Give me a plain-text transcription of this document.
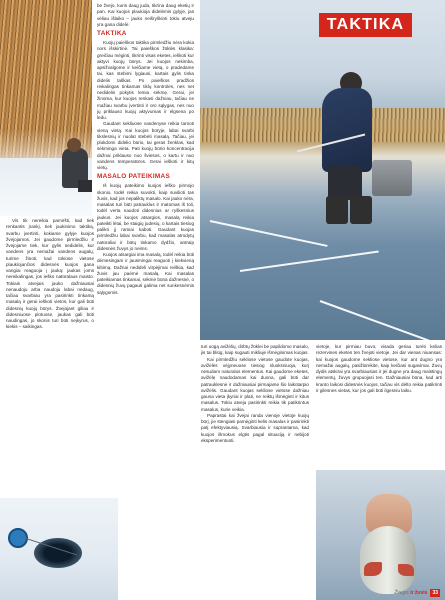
TAKTIKA

Vis tik nereikia pamiršti, kad tiek renkantis įrankį, tiek jaukinimo taktiką, svarbu įvertinti, kokiame gylyje kuojos žvejojamos. Jei gaudome pirmledžiu ir žvejojame tiek, kur gylis nedidelis, kur vandens yra nemažai vandens augalų, turime žinoti, kad tokiose vietose plaukiojančios didesnės kuojos gana vangiai reaguoja į jauką: jaukas joms nereikalingas, jos ieško natūralaus maisto. Tokiais atvejais jauko dažniausiai nenaudoju arba naudoju labai nedaug, tačiau svarbiau yra pasirinkti tinkamą masalą ir gerai ieškoti vietos, kur gali būti didesnių kuojų būrys. Žvejojant giliau ir didesniuose plotuose, jaukas gali būti naudingas, jo skonis turi būti neįkyrus, o kiekis – saikingas.

be žvejo, kuris daug juda, tikrina daug eketių ir pan. Kai kuojos plaukioja didelėmis gylyje, jas vėliau išlaiko – jauko neišryškinti tokiu atveju yra gana didelė.

TAKTIKA

Kuojų paieškos taktika pirmledžiu nėra kokia nors išskirtinė. Tai paieškos žūklės klasika: greičiau mėginti, tikrinti visas eketes, ieškoti kur aktyvi kuojų būrys. Jei kuojos nekimba, apsižvalgome ir keičiame vietą, o pradedame tai, kas stebimi lygiausi, kartais gylis tinka didelis taškas. Po paieškos pradžios reikalingas tinkamas tiklų kontrolės, nes net nedidelis pokytis lemia sėkmę. Gerai, jei žinoma, kur kuojos renkasi dažniau, tačiau ne mažiau svarbu įvertinti ir oro sąlygas, nes nuo jų priklauso kuojų aktyvumas ir elgsena po ledu.

Gaudant sekliuose vandenyse reikia tarnoti vieną vietą. Kai kuojos būryje, labai svarbi tikslesnių ir nuolat stebėti masalą. Tačiau, jei plukdomi didelio būrio, tai geras ženklas, kad sėkminga vieta. Pati kuojų būrio koncentracija dažnai priklauso nuo šviesos, o kartu ir nuo vandens temperatūros. Gerai ieškoti ir kitų vietų.

MASALO PATEIKIMAS

Iš kuojų pateikimo kuojos ieško pirmojo skonio, todėl reikia suvokti, kaip suvilioti tas žuvis, kad jos nepaliktų masalo. Kai jauko nėra, masalas turi būti patrauklus ir matomas iš toli, todėl verta naudoti didesnius ar ryškesnius jaukus. Jei kuojos atsargios, masalą reikia pateikti lėtai, be staigių judesių, o kartais tiesiog palikti jį ramiai kaboti. Gaudant kuojas pirmledžiu labai svarbu, kad masalas atrodytų natūraliai ir būtų tinkamo dydžio, antraip didesnės žuvys jo neims.

Kuojos atsargiai ima masalą, todėl reikia būti dėmesingam ir jausmingai reaguoti į kiekvieną kibimą. Dažnai nedideli virpėjimai reiškia, kad žuvis jau paėmė masalą. Kai masalas pateikiamas tinkamai, sėkmė būna dažnesnė, o didesnių žuvų pagauti galima net sunkesnėmis sąlygomis.

turi uogą avižėlių, dirbtų žūklei be papildomo masalo, jis tai bliūg, kaip sugauti mikliuje išmėginimas kuojas.

Kai pirmledžiu sekliose vietose gaudote kuojas, avižėlės vėjyneuose tiesiog sluoksniuoja, kurį nesudaro naturalus elementus. Kai gaudome eketes, avižėlę naudodamas kai duona, gali būti dar patrauklesnė ir dažniausiai pirmajame šio laikotarpio avižėlis. Gaudant kuojas sekliose vietose dažniau gauna vieta įkyriai ir plati, ne reiktų išmėginti ir kitus masalus. Tokiu atveju pasirinkti reikia tik patikrintus masalus, kurie veikia.

Paprastai kai žvejai randa vienoje vietoje kuojų būrį, jie stengiasi pamėginti kelis masalus ir pasirinkti patį efektyviausią. Svarbiausia ir suprantama, kad kuojos išmokus elgtis pagal situaciją ir nebijoti eksperimentuoti.

vietoje, kur pirmiau buvo, visada geriau turėti kelias rezervines eketes ten žvejoti vietoje. Jei dar vienas niuansas: kai kuojos gaudome sekliose vietose, kur ant dugno yra nemažai augalų, pasižiūrėkite, kaip keičiasi sugavimai. Žuvų dydis atskirai yra svarbiausias ir jei dugne yra daug maistingų elementų, žuvys grupuojasi ten. Dažniausiai būna, kad arti kranto laikosi didesnės kuojos, tačiau vis dėlto reikia patikrinti ir gilesnes vietas, kur jos gali būti ilgesniu laiku.

Žvejys ir žuvis	33
